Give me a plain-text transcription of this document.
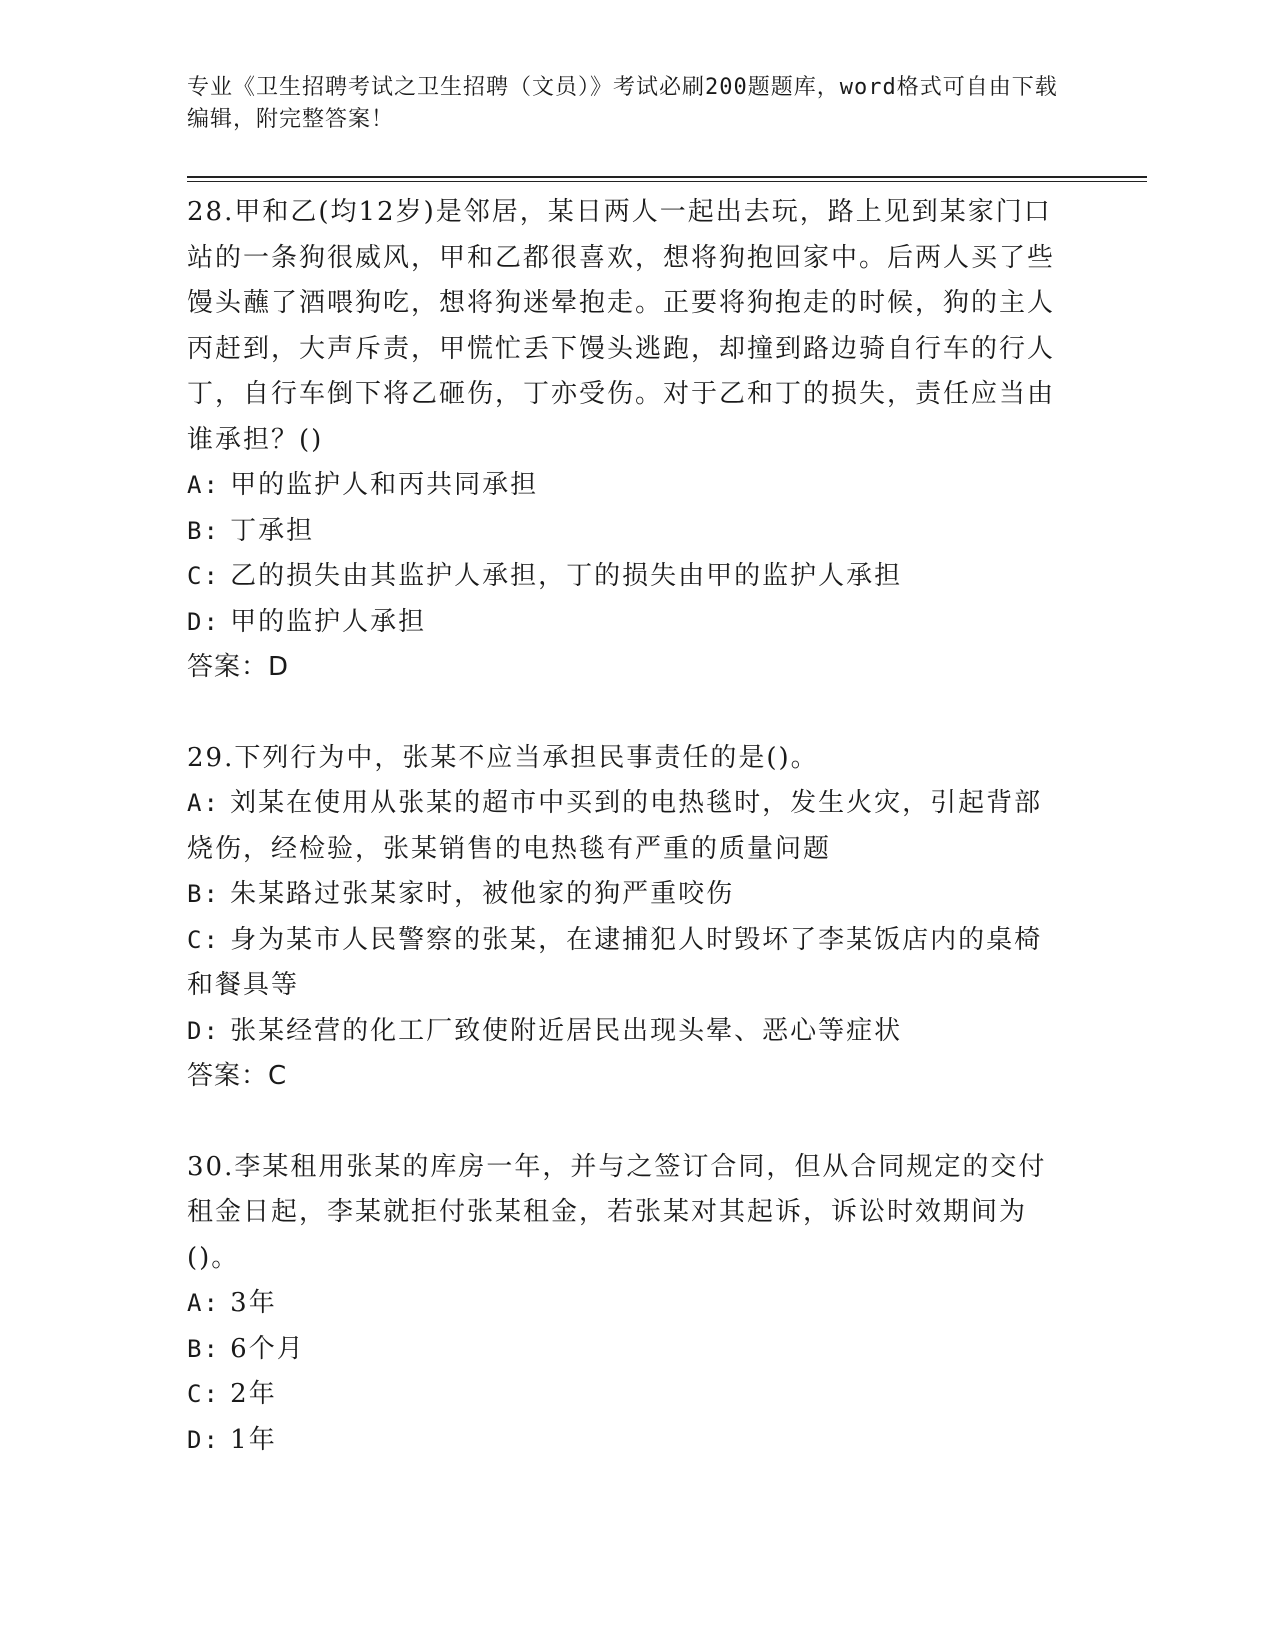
专业《卫生招聘考试之卫生招聘（文员）》考试必刷200题题库，word格式可自由下载编辑，附完整答案！

28.甲和乙(均12岁)是邻居，某日两人一起出去玩，路上见到某家门口站的一条狗很威风，甲和乙都很喜欢，想将狗抱回家中。后两人买了些馒头蘸了酒喂狗吃，想将狗迷晕抱走。正要将狗抱走的时候，狗的主人丙赶到，大声斥责，甲慌忙丢下馒头逃跑，却撞到路边骑自行车的行人丁，自行车倒下将乙砸伤，丁亦受伤。对于乙和丁的损失，责任应当由谁承担？()

A: 甲的监护人和丙共同承担

B: 丁承担

C: 乙的损失由其监护人承担，丁的损失由甲的监护人承担

D: 甲的监护人承担

答案：D

29.下列行为中，张某不应当承担民事责任的是()。

A: 刘某在使用从张某的超市中买到的电热毯时，发生火灾，引起背部烧伤，经检验，张某销售的电热毯有严重的质量问题

B: 朱某路过张某家时，被他家的狗严重咬伤

C: 身为某市人民警察的张某，在逮捕犯人时毁坏了李某饭店内的桌椅和餐具等

D: 张某经营的化工厂致使附近居民出现头晕、恶心等症状

答案：C

30.李某租用张某的库房一年，并与之签订合同，但从合同规定的交付租金日起，李某就拒付张某租金，若张某对其起诉，诉讼时效期间为()。

A: 3年

B: 6个月

C: 2年

D: 1年
